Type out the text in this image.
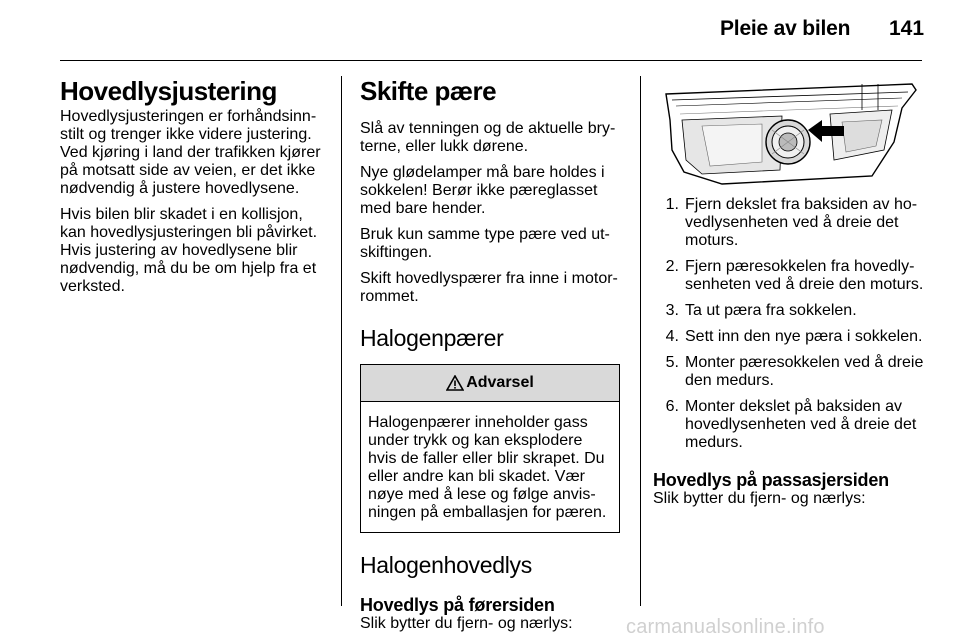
Pleie av bilen 141
Hovedlysjustering

Hovedlysjusteringen er forhåndsinn-stilt og trenger ikke videre justering. Ved kjøring i land der trafikken kjører på motsatt side av veien, er det ikke nødvendig å justere hovedlysene.

Hvis bilen blir skadet i en kollisjon, kan hovedlysjusteringen bli påvirket. Hvis justering av hovedlysene blir nødvendig, må du be om hjelp fra et verksted.

Skifte pære

Slå av tenningen og de aktuelle bry-terne, eller lukk dørene.

Nye glødelamper må bare holdes i sokkelen! Berør ikke pæreglasset med bare hender.

Bruk kun samme type pære ved ut-skiftingen.

Skift hovedlyspærer fra inne i motor-rommet.

Halogenpærer
Advarsel
Halogenpærer inneholder gass under trykk og kan eksplodere hvis de faller eller blir skrapet. Du eller andre kan bli skadet. Vær nøye med å lese og følge anvis-ningen på emballasjen for pæren.
Halogenhovedlys
Hovedlys på førersiden

Slik bytter du fjern- og nærlys:

1. Fjern dekslet fra baksiden av ho-vedlysenheten ved å dreie det moturs.
2. Fjern pæresokkelen fra hovedly-senheten ved å dreie den moturs.
3. Ta ut pæra fra sokkelen.
4. Sett inn den nye pæra i sokkelen.
5. Monter pæresokkelen ved å dreie den medurs.
6. Monter dekslet på baksiden av hovedlysenheten ved å dreie det medurs.
Hovedlys på passasjersiden

Slik bytter du fjern- og nærlys:

carmanualsonline.info
